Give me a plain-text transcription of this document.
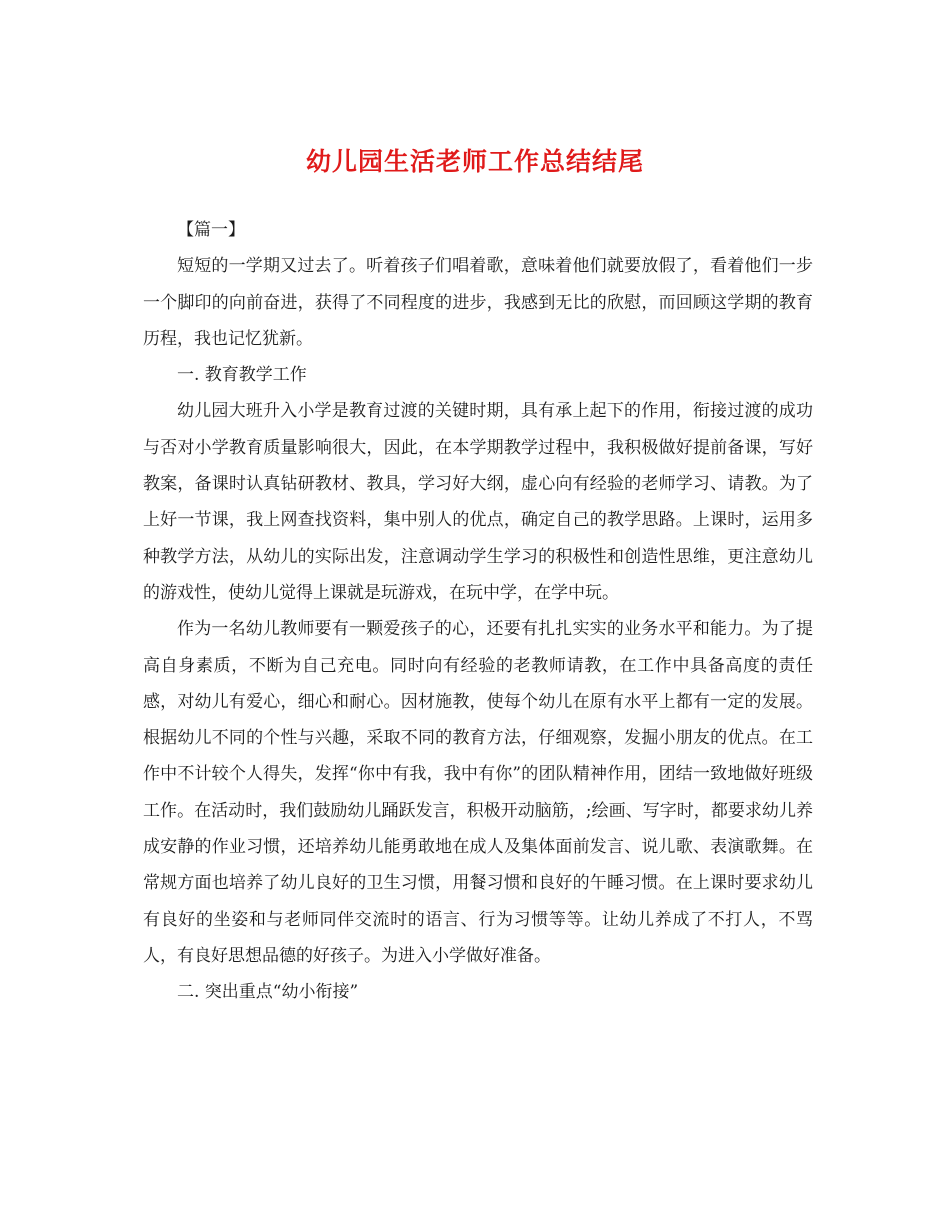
幼儿园生活老师工作总结结尾

【篇一】

短短的一学期又过去了。听着孩子们唱着歌，意味着他们就要放假了，看着他们一步一个脚印的向前奋进，获得了不同程度的进步，我感到无比的欣慰，而回顾这学期的教育历程，我也记忆犹新。

一. 教育教学工作

幼儿园大班升入小学是教育过渡的关键时期，具有承上起下的作用，衔接过渡的成功与否对小学教育质量影响很大，因此，在本学期教学过程中，我积极做好提前备课，写好教案，备课时认真钻研教材、教具，学习好大纲，虚心向有经验的老师学习、请教。为了上好一节课，我上网查找资料，集中别人的优点，确定自己的教学思路。上课时，运用多种教学方法，从幼儿的实际出发，注意调动学生学习的积极性和创造性思维，更注意幼儿的游戏性，使幼儿觉得上课就是玩游戏，在玩中学，在学中玩。

作为一名幼儿教师要有一颗爱孩子的心，还要有扎扎实实的业务水平和能力。为了提高自身素质，不断为自己充电。同时向有经验的老教师请教，在工作中具备高度的责任感，对幼儿有爱心，细心和耐心。因材施教，使每个幼儿在原有水平上都有一定的发展。根据幼儿不同的个性与兴趣，采取不同的教育方法，仔细观察，发掘小朋友的优点。在工作中不计较个人得失，发挥“你中有我，我中有你”的团队精神作用，团结一致地做好班级工作。在活动时，我们鼓励幼儿踊跃发言，积极开动脑筋，;绘画、写字时，都要求幼儿养成安静的作业习惯，还培养幼儿能勇敢地在成人及集体面前发言、说儿歌、表演歌舞。在常规方面也培养了幼儿良好的卫生习惯，用餐习惯和良好的午睡习惯。在上课时要求幼儿有良好的坐姿和与老师同伴交流时的语言、行为习惯等等。让幼儿养成了不打人，不骂人，有良好思想品德的好孩子。为进入小学做好准备。

二. 突出重点“幼小衔接”
